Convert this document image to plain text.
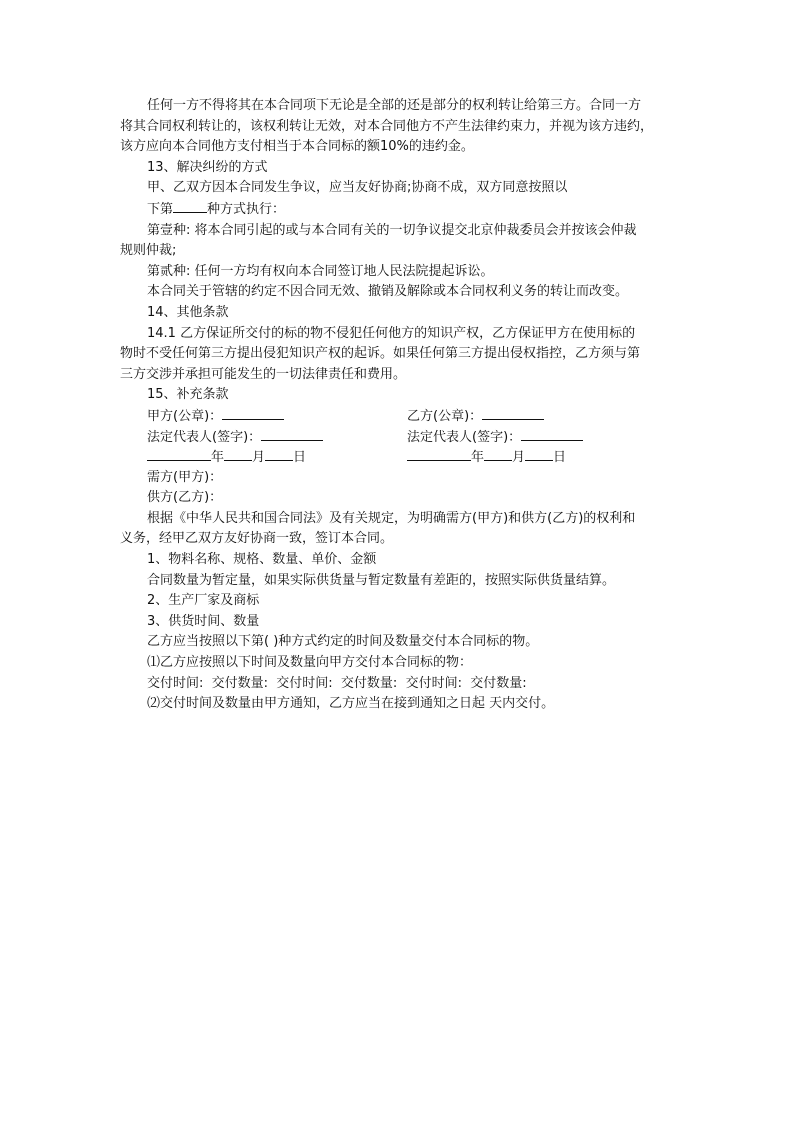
任何一方不得将其在本合同项下无论是全部的还是部分的权利转让给第三方。合同一方

将其合同权利转让的，该权利转让无效，对本合同他方不产生法律约束力，并视为该方违约，

该方应向本合同他方支付相当于本合同标的额10%的违约金。

13、解决纠纷的方式

甲、乙双方因本合同发生争议，应当友好协商;协商不成，双方同意按照以

下第	种方式执行：

第壹种: 将本合同引起的或与本合同有关的一切争议提交北京仲裁委员会并按该会仲裁

规则仲裁;

第贰种: 任何一方均有权向本合同签订地人民法院提起诉讼。

本合同关于管辖的约定不因合同无效、撤销及解除或本合同权利义务的转让而改变。

14、其他条款

14.1 乙方保证所交付的标的物不侵犯任何他方的知识产权，乙方保证甲方在使用标的

物时不受任何第三方提出侵犯知识产权的起诉。如果任何第三方提出侵权指控，乙方须与第

三方交涉并承担可能发生的一切法律责任和费用。

15、补充条款

甲方(公章)：	乙方(公章)：
法定代表人(签字)：	法定代表人(签字)：
年 月 日	年 月 日

需方(甲方)：

供方(乙方)：

根据《中华人民共和国合同法》及有关规定，为明确需方(甲方)和供方(乙方)的权利和

义务，经甲乙双方友好协商一致，签订本合同。

1、物料名称、规格、数量、单价、金额

合同数量为暂定量，如果实际供货量与暂定数量有差距的，按照实际供货量结算。

2、生产厂家及商标

3、供货时间、数量

乙方应当按照以下第( )种方式约定的时间及数量交付本合同标的物。

⑴乙方应按照以下时间及数量向甲方交付本合同标的物：

交付时间:  交付数量:  交付时间:  交付数量:  交付时间:  交付数量:

⑵交付时间及数量由甲方通知，乙方应当在接到通知之日起 天内交付。
